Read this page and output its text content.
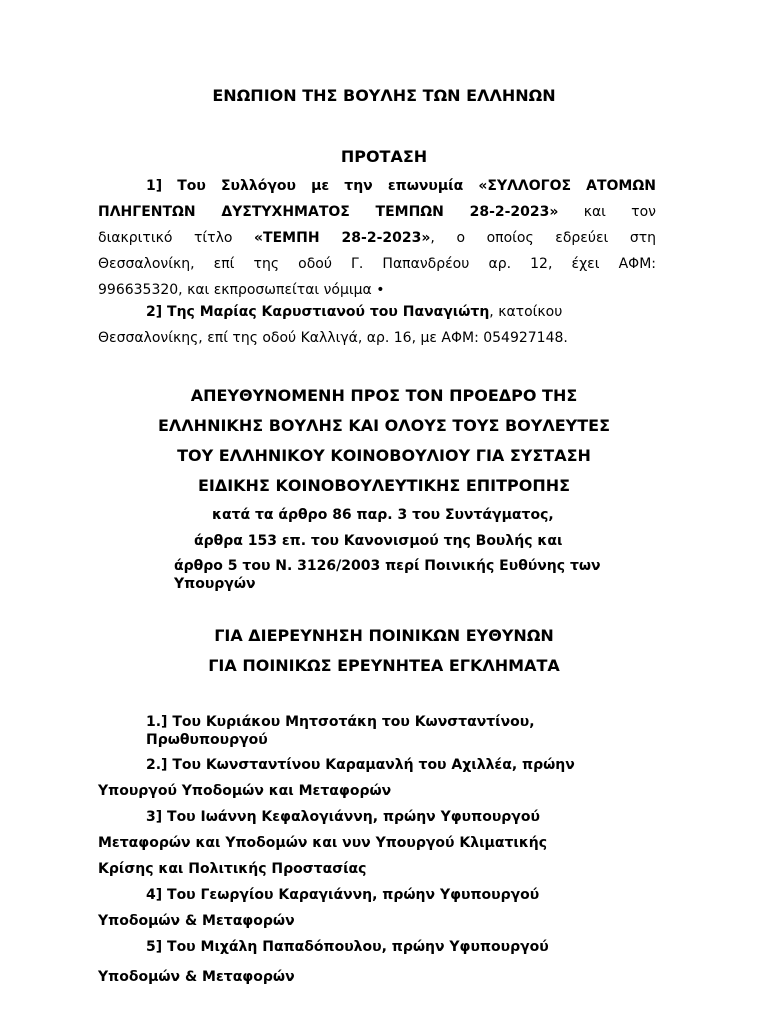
ΕΝΩΠΙΟΝ ΤΗΣ ΒΟΥΛΗΣ ΤΩΝ ΕΛΛΗΝΩΝ
ΠΡΟΤΑΣΗ
1] Του Συλλόγου με την επωνυμία «ΣΥΛΛΟΓΟΣ ΑΤΟΜΩΝ
ΠΛΗΓΕΝΤΩΝ ΔΥΣΤΥΧΗΜΑΤΟΣ ΤΕΜΠΩΝ 28-2-2023» και τον
διακριτικό τίτλο «ΤΕΜΠΗ 28-2-2023», ο οποίος εδρεύει στη
Θεσσαλονίκη, επί της οδού Γ. Παπανδρέου αρ. 12, έχει ΑΦΜ:
996635320, και εκπροσωπείται νόμιμα •
2] Της Μαρίας Καρυστιανού του Παναγιώτη, κατοίκου
Θεσσαλονίκης, επί της οδού Καλλιγά, αρ. 16, με ΑΦΜ: 054927148.
ΑΠΕΥΘΥΝΟΜΕΝΗ ΠΡΟΣ ΤΟΝ ΠΡΟΕΔΡΟ ΤΗΣ
ΕΛΛΗΝΙΚΗΣ ΒΟΥΛΗΣ ΚΑΙ ΟΛΟΥΣ ΤΟΥΣ ΒΟΥΛΕΥΤΕΣ
ΤΟΥ ΕΛΛΗΝΙΚΟΥ ΚΟΙΝΟΒΟΥΛΙΟΥ ΓΙΑ ΣΥΣΤΑΣΗ
ΕΙΔΙΚΗΣ ΚΟΙΝΟΒΟΥΛΕΥΤΙΚΗΣ ΕΠΙΤΡΟΠΗΣ
κατά τα άρθρο 86 παρ. 3 του Συντάγματος,
άρθρα 153 επ. του Κανονισμού της Βουλής και
άρθρο 5 του Ν. 3126/2003 περί Ποινικής Ευθύνης των
Υπουργών
ΓΙΑ ΔΙΕΡΕΥΝΗΣΗ ΠΟΙΝΙΚΩΝ ΕΥΘΥΝΩΝ
ΓΙΑ ΠΟΙΝΙΚΩΣ ΕΡΕΥΝΗΤΕΑ ΕΓΚΛΗΜΑΤΑ
1.] Του Κυριάκου Μητσοτάκη του Κωνσταντίνου,
Πρωθυπουργού
2.] Του Κωνσταντίνου Καραμανλή του Αχιλλέα, πρώην
Υπουργού Υποδομών και Μεταφορών
3] Του Ιωάννη Κεφαλογιάννη, πρώην Υφυπουργού
Μεταφορών και Υποδομών και νυν Υπουργού Κλιματικής
Κρίσης και Πολιτικής Προστασίας
4] Του Γεωργίου Καραγιάννη, πρώην Υφυπουργού
Υποδομών & Μεταφορών
5] Του Μιχάλη Παπαδόπουλου, πρώην Υφυπουργού
Υποδομών & Μεταφορών
